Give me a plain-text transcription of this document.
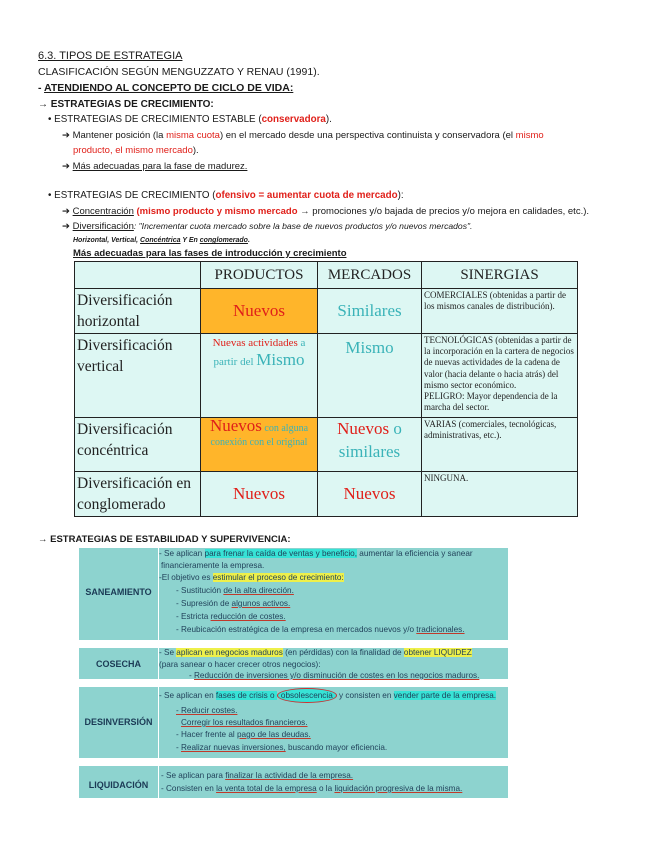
6.3. TIPOS DE ESTRATEGIA
CLASIFICACIÓN SEGÚN MENGUZZATO Y RENAU (1991).
- ATENDIENDO AL CONCEPTO DE CICLO DE VIDA:
→ ESTRATEGIAS DE CRECIMIENTO:
• ESTRATEGIAS DE CRECIMIENTO ESTABLE (conservadora).
➔ Mantener posición (la misma cuota) en el mercado desde una perspectiva continuista y conservadora (el mismo
producto, el mismo mercado).
➔ Más adecuadas para la fase de madurez.
• ESTRATEGIAS DE CRECIMIENTO (ofensivo = aumentar cuota de mercado):
➔ Concentración (mismo producto y mismo mercado → promociones y/o bajada de precios y/o mejora en calidades, etc.).
➔ Diversificación: "Incrementar cuota mercado sobre la base de nuevos productos y/o nuevos mercados".
Horizontal, Vertical, Concéntrica Y En conglomerado.
Más adecuadas para las fases de introducción y crecimiento
	PRODUCTOS	MERCADOS	SINERGIAS
Diversificación horizontal	Nuevos	Similares	COMERCIALES (obtenidas a partir de los mismos canales de distribución).
Diversificación vertical	Nuevas actividades a partir del Mismo	Mismo	TECNOLÓGICAS (obtenidas a partir de la incorporación en la cartera de negocios de nuevas actividades de la cadena de valor (hacia delante o hacia atrás) del mismo sector económico.
PELIGRO: Mayor dependencia de la marcha del sector.

Diversificación concéntrica	Nuevos con alguna conexión con el original	Nuevos o similares	VARIAS (comerciales, tecnológicas, administrativas, etc.).
Diversificación en conglomerado	Nuevos	Nuevos	NINGUNA.
→ ESTRATEGIAS DE ESTABILIDAD Y SUPERVIVENCIA:
SANEAMIENTO
- Se aplican para frenar la caída de ventas y beneficio, aumentar la eficiencia y sanear
financieramente la empresa.
-El objetivo es estimular el proceso de crecimiento:
- Sustitución de la alta dirección.
- Supresión de algunos activos.
- Estricta reducción de costes.
- Reubicación estratégica de la empresa en mercados nuevos y/o tradicionales.
COSECHA
- Se aplican en negocios maduros (en pérdidas) con la finalidad de obtener LIQUIDEZ
(para sanear o hacer crecer otros negocios):
- Reducción de inversiones y/o disminución de costes en los negocios maduros.
DESINVERSIÓN
- Se aplican en fases de crisis o obsolescencia y consisten en vender parte de la empresa.
- Reducir costes.
Corregir los resultados financieros.
- Hacer frente al pago de las deudas.
- Realizar nuevas inversiones, buscando mayor eficiencia.
LIQUIDACIÓN
- Se aplican para finalizar la actividad de la empresa.
- Consisten en la venta total de la empresa o la liquidación progresiva de la misma.
